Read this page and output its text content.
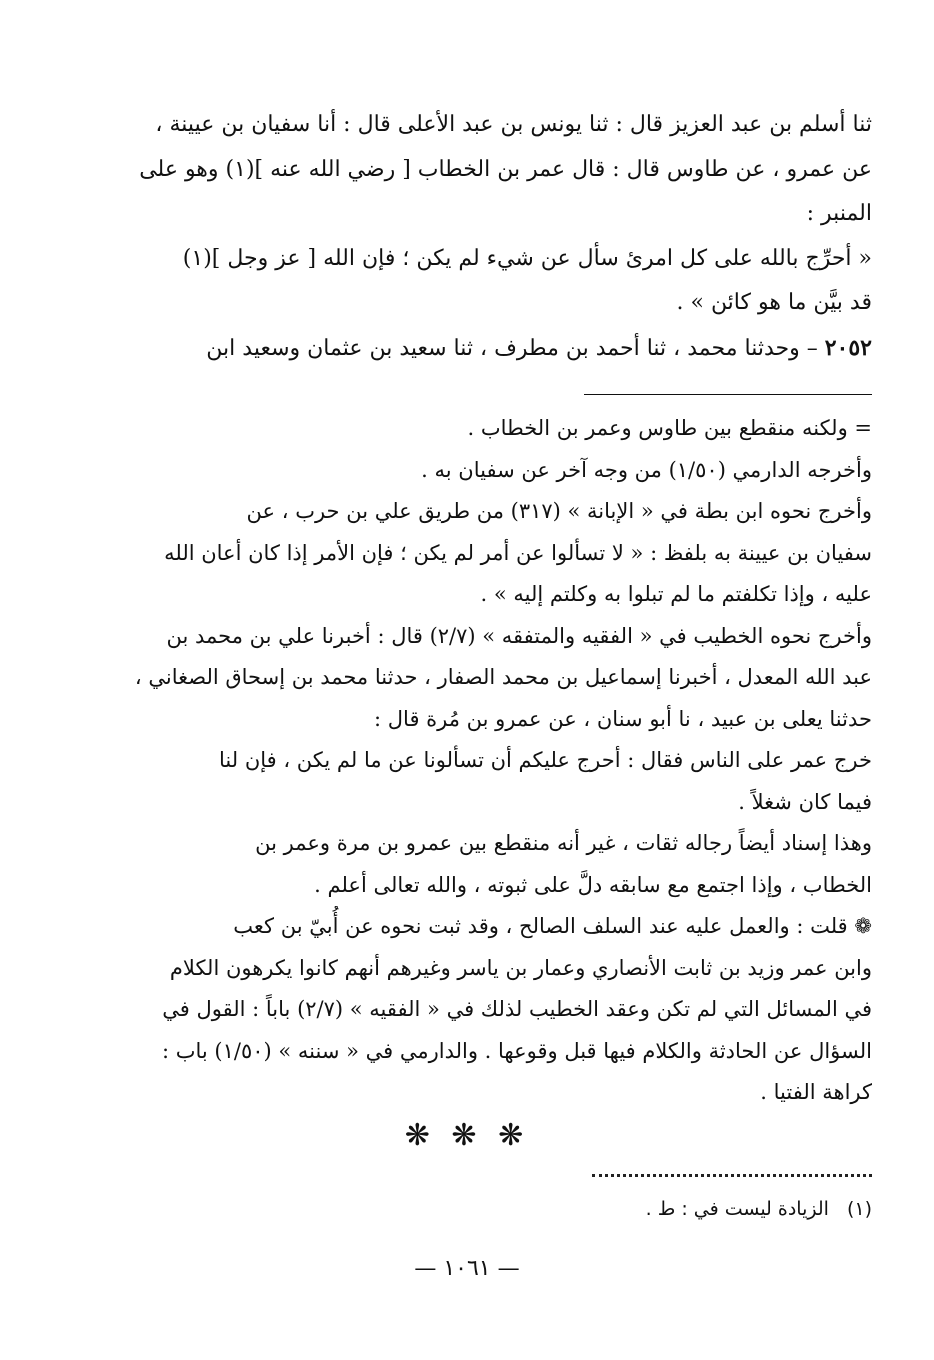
ثنا أسلم بن عبد العزيز قال : ثنا يونس بن عبد الأعلى قال : أنا سفيان بن عيينة ،
عن عمرو ، عن طاوس قال : قال عمر بن الخطاب [ رضي الله عنه ](١) وهو على
المنبر :
« أحرِّج بالله على كل امرئ سأل عن شيء لم يكن ؛ فإن الله [ عز وجل ](١)
قد بيَّن ما هو كائن » .
٢٠٥٢ – وحدثنا محمد ، ثنا أحمد بن مطرف ، ثنا سعيد بن عثمان وسعيد ابن
= ولكنه منقطع بين طاوس وعمر بن الخطاب .
وأخرجه الدارمي (١/٥٠) من وجه آخر عن سفيان به .
وأخرج نحوه ابن بطة في « الإبانة » (٣١٧) من طريق علي بن حرب ، عن
سفيان بن عيينة به بلفظ : « لا تسألوا عن أمر لم يكن ؛ فإن الأمر إذا كان أعان الله
عليه ، وإذا تكلفتم ما لم تبلوا به وكلتم إليه » .
وأخرج نحوه الخطيب في « الفقيه والمتفقه » (٢/٧) قال : أخبرنا علي بن محمد بن
عبد الله المعدل ، أخبرنا إسماعيل بن محمد الصفار ، حدثنا محمد بن إسحاق الصغاني ،
حدثنا يعلى بن عبيد ، نا أبو سنان ، عن عمرو بن مُرة قال :
خرج عمر على الناس فقال : أحرج عليكم أن تسألونا عن ما لم يكن ، فإن لنا
فيما كان شغلاً .
وهذا إسناد أيضاً رجاله ثقات ، غير أنه منقطع بين عمرو بن مرة وعمر بن
الخطاب ، وإذا اجتمع مع سابقه دلَّ على ثبوته ، والله تعالى أعلم .
❁ قلت : والعمل عليه عند السلف الصالح ، وقد ثبت نحوه عن أُبيّ بن كعب
وابن عمر وزيد بن ثابت الأنصاري وعمار بن ياسر وغيرهم أنهم كانوا يكرهون الكلام
في المسائل التي لم تكن وعقد الخطيب لذلك في « الفقيه » (٢/٧) باباً : القول في
السؤال عن الحادثة والكلام فيها قبل وقوعها . والدارمي في « سننه » (١/٥٠) باب :
كراهة الفتيا .
❋ ❋ ❋
(١)الزيادة ليست في : ط .
— ١٠٦١ —
